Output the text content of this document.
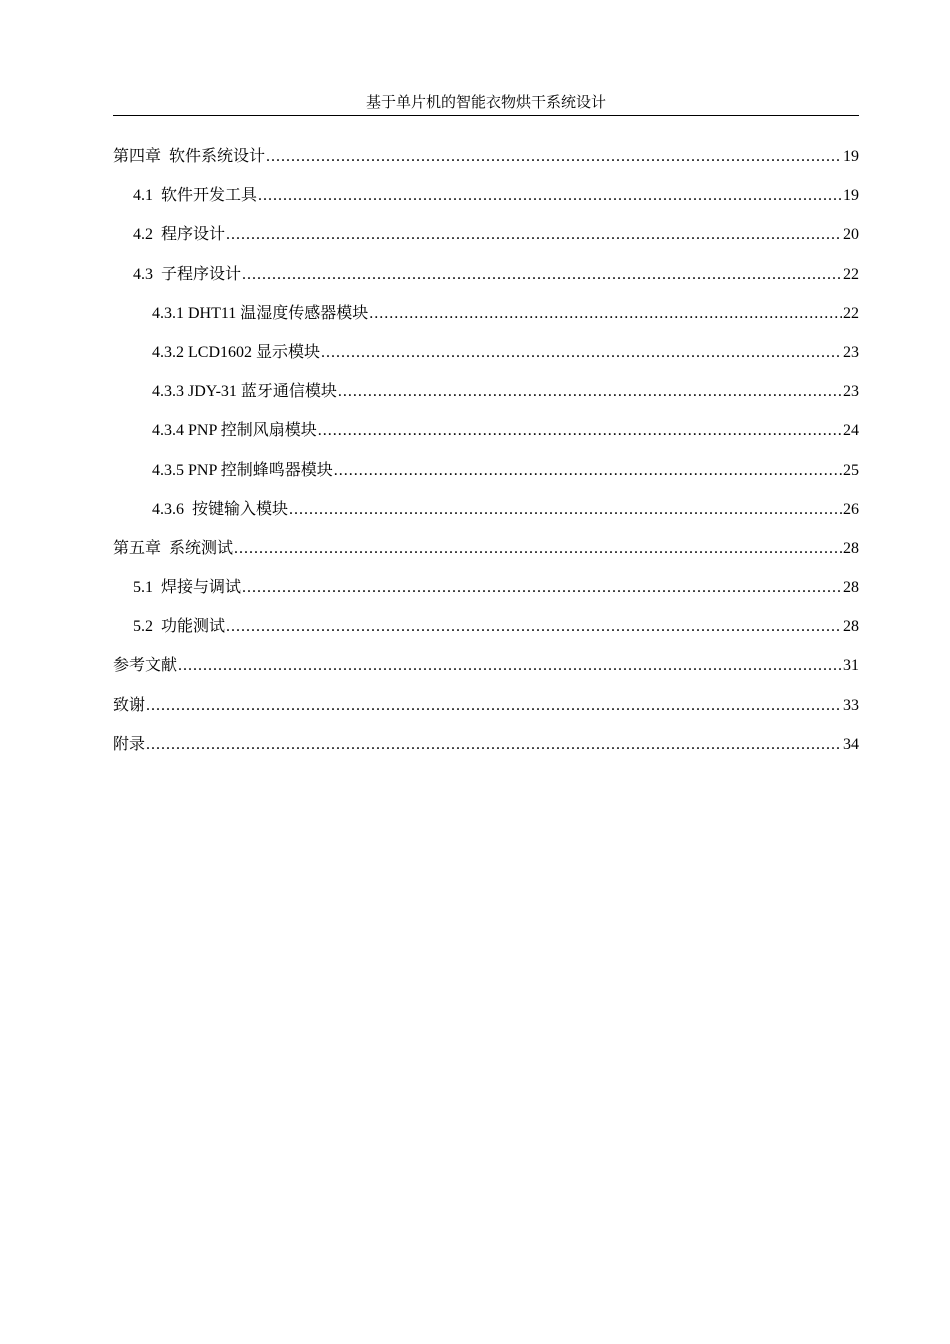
基于单片机的智能衣物烘干系统设计
第四章  软件系统设计 .....	19
4.1  软件开发工具 .....	19
4.2  程序设计 .....	20
4.3  子程序设计 .....	22
4.3.1 DHT11 温湿度传感器模块 .....	22
4.3.2 LCD1602 显示模块 .....	23
4.3.3 JDY-31 蓝牙通信模块 .....	23
4.3.4 PNP 控制风扇模块 .....	24
4.3.5 PNP 控制蜂鸣器模块 .....	25
4.3.6  按键输入模块 .....	26
第五章  系统测试 .....	28
5.1  焊接与调试 .....	28
5.2  功能测试 .....	28
参考文献 .....	31
致谢 .....	33
附录 .....	34
